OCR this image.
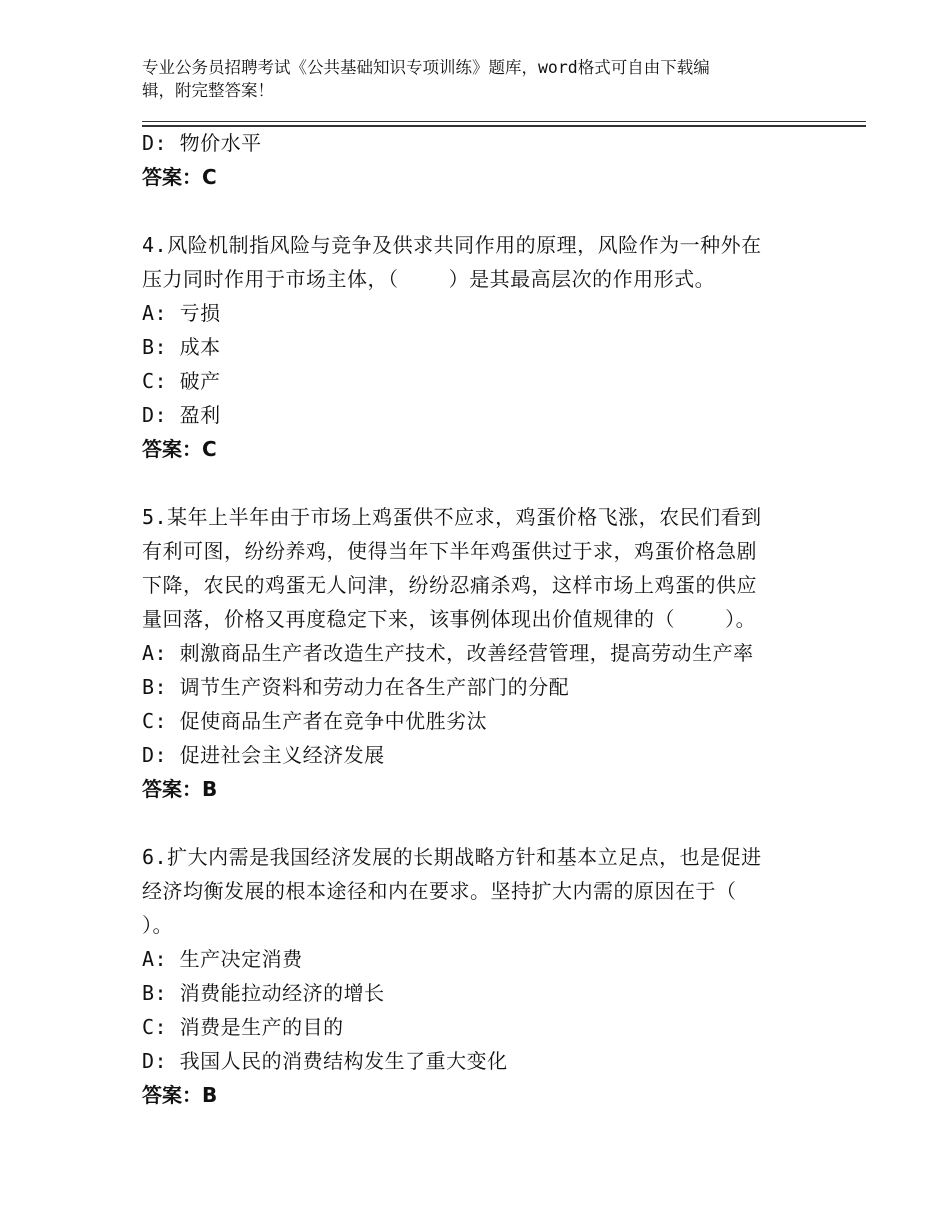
专业公务员招聘考试《公共基础知识专项训练》题库，word格式可自由下载编
辑，附完整答案！
D: 物价水平
答案：C
4.风险机制指风险与竞争及供求共同作用的原理，风险作为一种外在
压力同时作用于市场主体，（    ）是其最高层次的作用形式。
A: 亏损
B: 成本
C: 破产
D: 盈利
答案：C
5.某年上半年由于市场上鸡蛋供不应求，鸡蛋价格飞涨，农民们看到
有利可图，纷纷养鸡，使得当年下半年鸡蛋供过于求，鸡蛋价格急剧
下降，农民的鸡蛋无人问津，纷纷忍痛杀鸡，这样市场上鸡蛋的供应
量回落，价格又再度稳定下来，该事例体现出价值规律的（    ）。
A: 刺激商品生产者改造生产技术，改善经营管理，提高劳动生产率
B: 调节生产资料和劳动力在各生产部门的分配
C: 促使商品生产者在竞争中优胜劣汰
D: 促进社会主义经济发展
答案：B
6.扩大内需是我国经济发展的长期战略方针和基本立足点，也是促进
经济均衡发展的根本途径和内在要求。坚持扩大内需的原因在于（
）。
A: 生产决定消费
B: 消费能拉动经济的增长
C: 消费是生产的目的
D: 我国人民的消费结构发生了重大变化
答案：B
